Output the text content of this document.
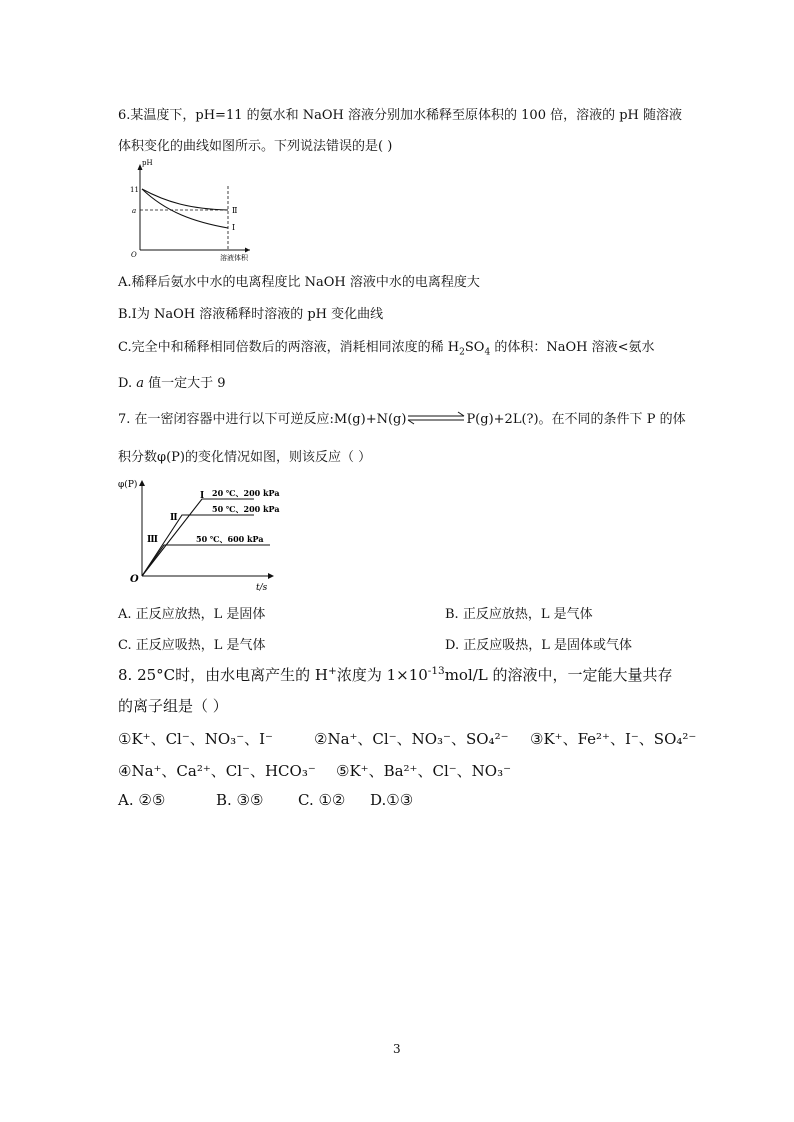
6.某温度下，pH=11 的氨水和 NaOH 溶液分别加水稀释至原体积的 100 倍，溶液的 pH 随溶液
体积变化的曲线如图所示。下列说法错误的是( )
pH
11
a
O
Ⅱ
Ⅰ
溶液体积
A.稀释后氨水中水的电离程度比 NaOH 溶液中水的电离程度大
B.Ⅰ为 NaOH 溶液稀释时溶液的 pH 变化曲线
C.完全中和稀释相同倍数后的两溶液，消耗相同浓度的稀 $H_2SO_4$ 的体积：NaOH 溶液<氨水
D. a 值一定大于 9
7. 在一密闭容器中进行以下可逆反应:M(g)+N(g)	P(g)+2L(?)。在不同的条件下 P 的体
积分数φ(P)的变化情况如图，则该反应（ ）
φ(P)
O
t/s
Ⅰ 20 ℃、200 kPa
Ⅱ
50 ℃、200 kPa
Ⅲ	50 ℃、600 kPa
A. 正反应放热，L 是固体	B. 正反应放热，L 是气体
C. 正反应吸热，L 是气体	D. 正反应吸热，L 是固体或气体
8. 25°C时，由水电离产生的 H+浓度为 $1\times 10^{-13}mol/L$ 的溶液中，一定能大量共存
的离子组是（ ）
①K⁺、Cl⁻、NO₃⁻、I⁻	②Na⁺、Cl⁻、NO₃⁻、SO₄²⁻ ③K⁺、Fe²⁺、I⁻、SO₄²⁻
④Na⁺、Ca²⁺、Cl⁻、HCO₃⁻ ⑤K⁺、Ba²⁺、Cl⁻、NO₃⁻
A. ②⑤	B. ③⑤ C. ①② D.①③
3
